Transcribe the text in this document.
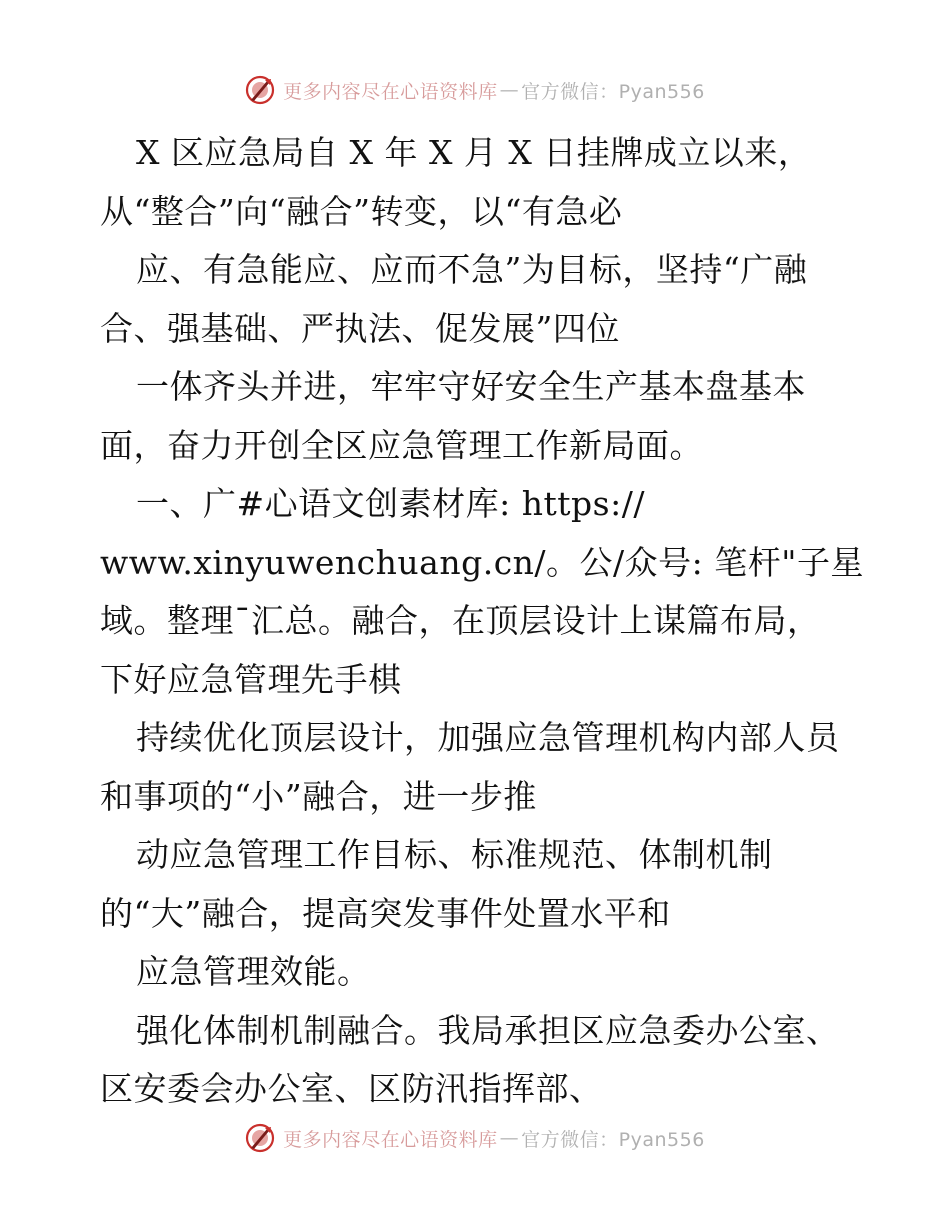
更多内容尽在心语资料库 — 官方微信：Pyan556
X 区应急局自 X 年 X 月 X 日挂牌成立以来，
从“整合”向“融合”转变，以“有急必
应、有急能应、应而不急”为目标，坚持“广融
合、强基础、严执法、促发展”四位
一体齐头并进，牢牢守好安全生产基本盘基本
面，奋力开创全区应急管理工作新局面。
一、广#心语文创素材库: https://
www.xinyuwenchuang.cn/。公/众号: 笔杆"子星
域。整理¯汇总。融合，在顶层设计上谋篇布局，
下好应急管理先手棋
持续优化顶层设计，加强应急管理机构内部人员
和事项的“小”融合，进一步推
动应急管理工作目标、标准规范、体制机制
的“大”融合，提高突发事件处置水平和
应急管理效能。
强化体制机制融合。我局承担区应急委办公室、
区安委会办公室、区防汛指挥部、
更多内容尽在心语资料库 — 官方微信：Pyan556
